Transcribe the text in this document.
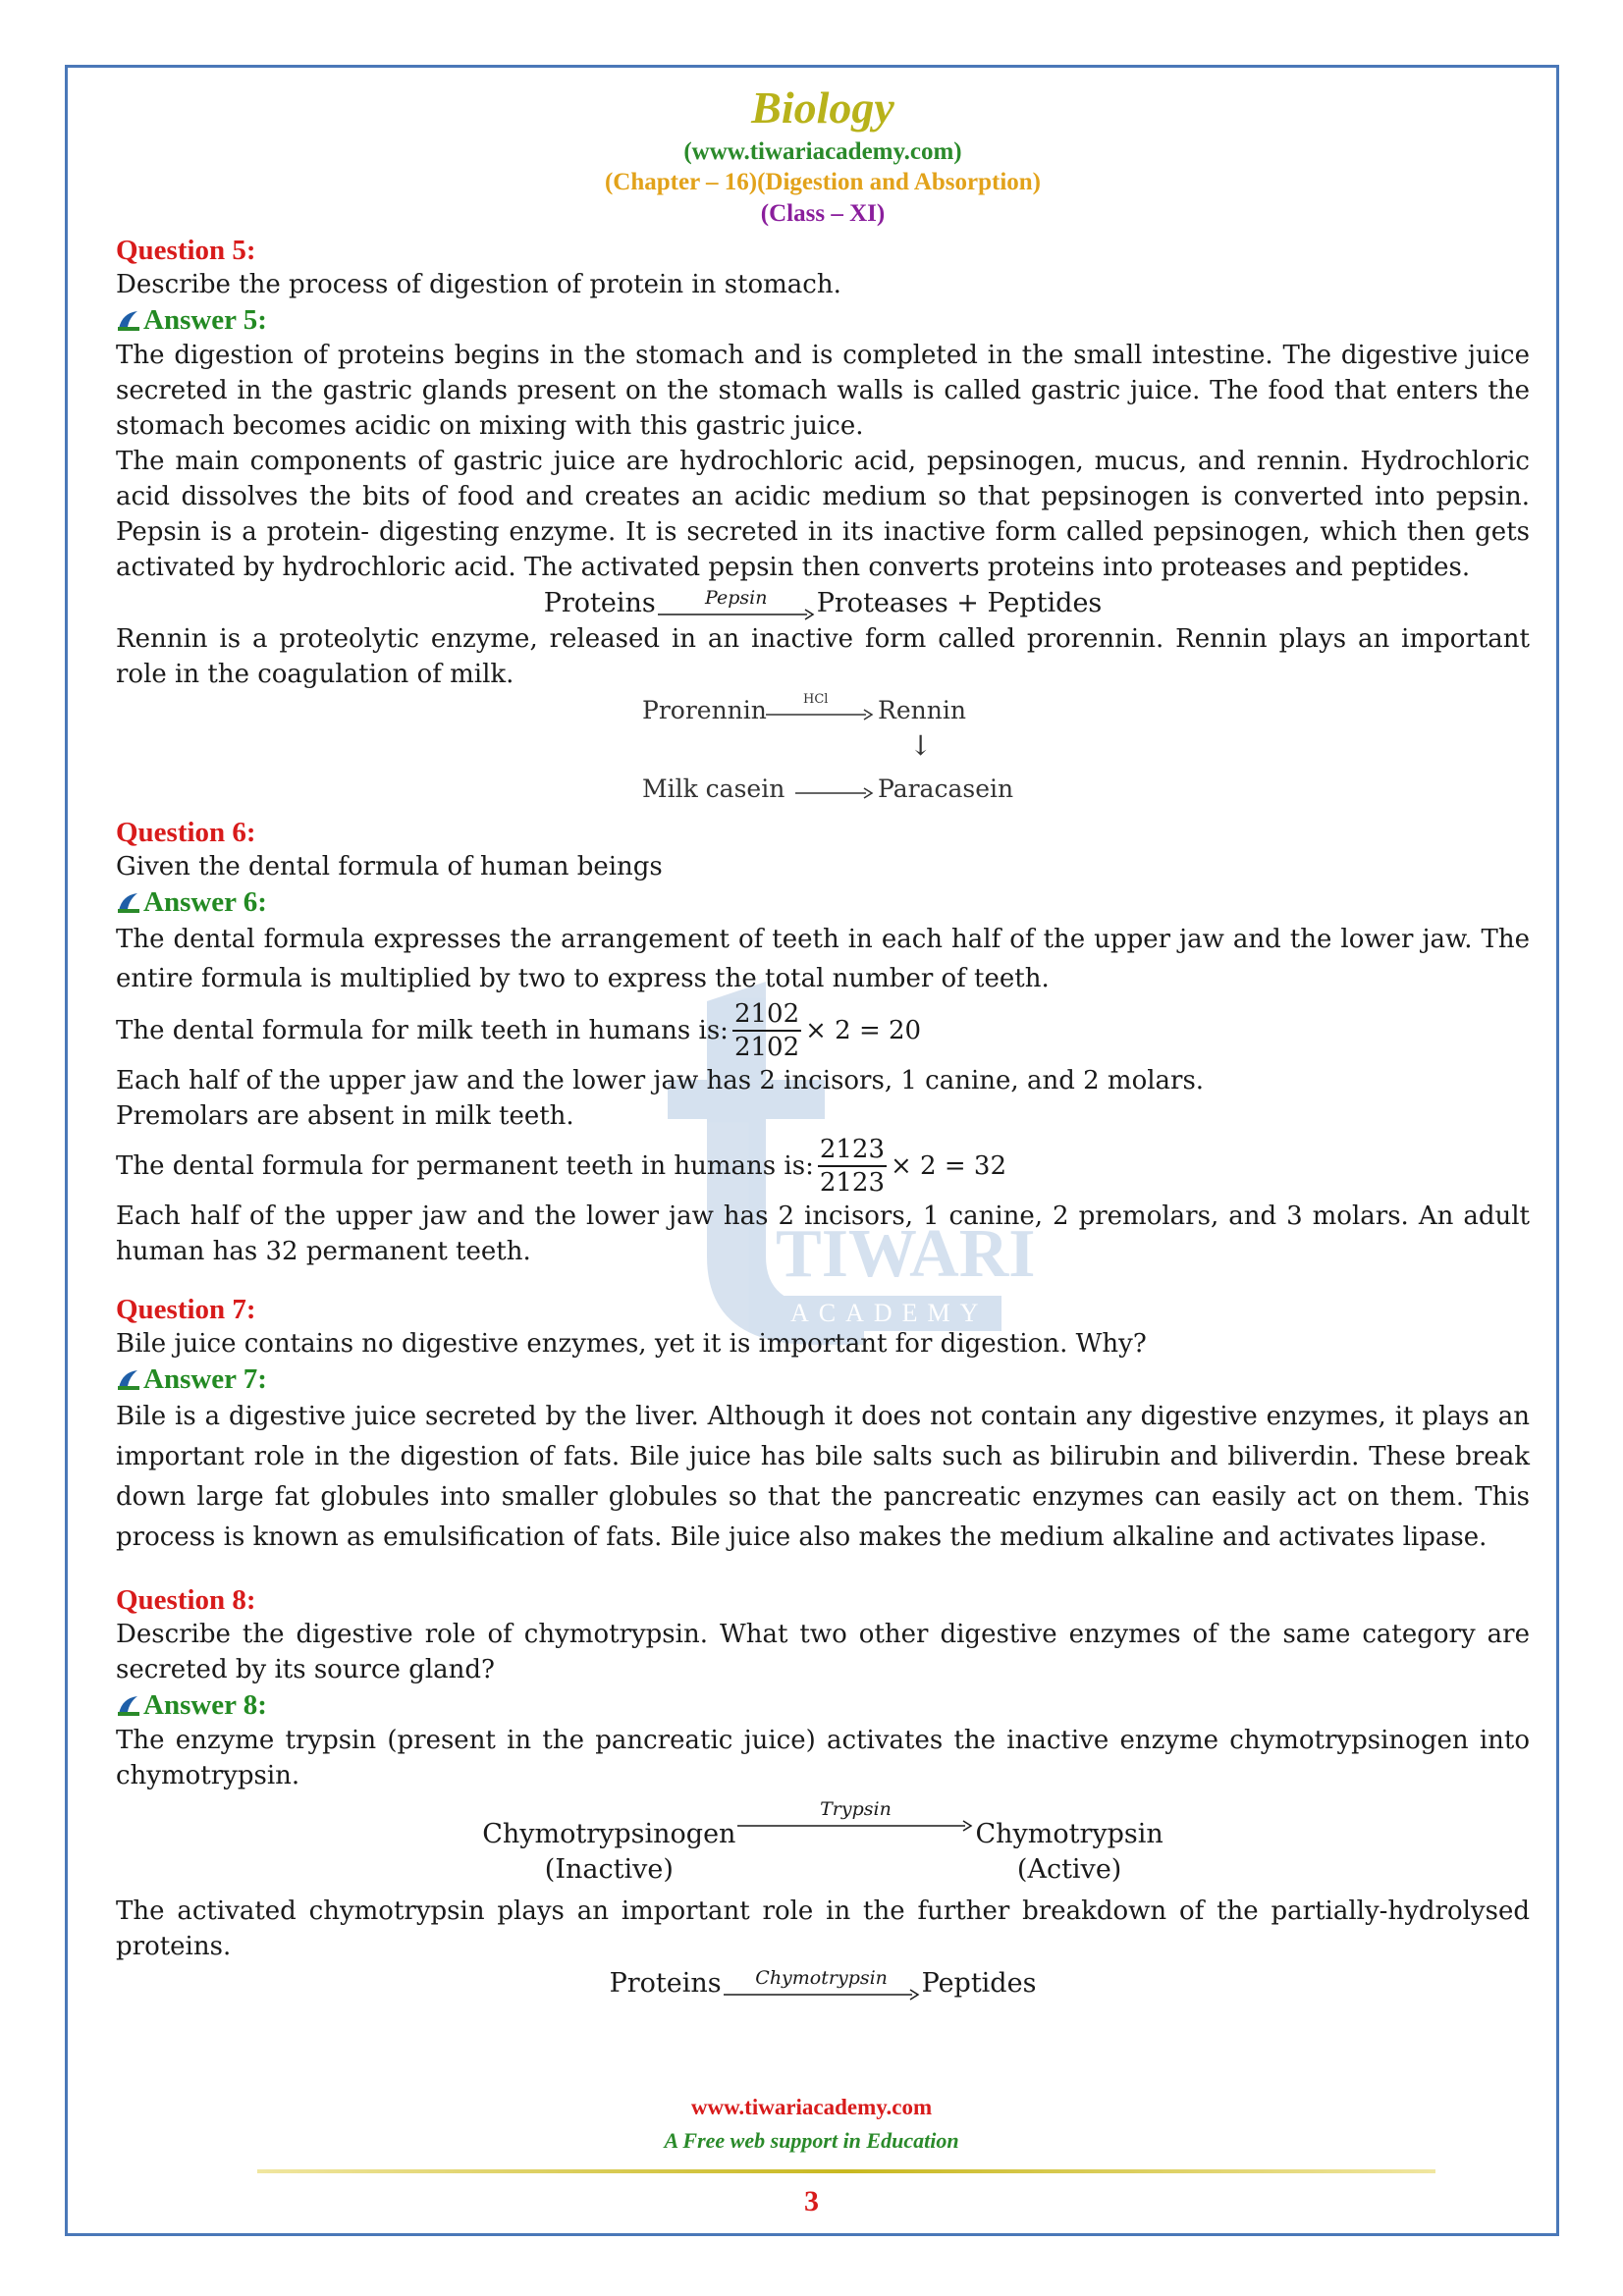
TIWARI
ACADEMY
Biology
(www.tiwariacademy.com)
(Chapter – 16)(Digestion and Absorption)
(Class – XI)
Question 5:

Describe the process of digestion of protein in stomach.

Answer 5:

The digestion of proteins begins in the stomach and is completed in the small intestine. The digestive juice secreted in the gastric glands present on the stomach walls is called gastric juice. The food that enters the stomach becomes acidic on mixing with this gastric juice.

The main components of gastric juice are hydrochloric acid, pepsinogen, mucus, and rennin. Hydrochloric acid dissolves the bits of food and creates an acidic medium so that pepsinogen is converted into pepsin. Pepsin is a protein- digesting enzyme. It is secreted in its inactive form called pepsinogen, which then gets activated by hydrochloric acid. The activated pepsin then converts proteins into proteases and peptides.

Proteins	Pepsin Proteases + Peptides

Rennin is a proteolytic enzyme, released in an inactive form called prorennin. Rennin plays an important role in the coagulation of milk.

Prorennin	HCl Rennin
↓
Milk casein → Paracasein
Question 6:

Given the dental formula of human beings

Answer 6:

The dental formula expresses the arrangement of teeth in each half of the upper jaw and the lower jaw. The entire formula is multiplied by two to express the total number of teeth.

The dental formula for milk teeth in humans is: $\frac{2102}{2102} \times 2 = 20$

Each half of the upper jaw and the lower jaw has 2 incisors, 1 canine, and 2 molars.

Premolars are absent in milk teeth.

The dental formula for permanent teeth in humans is: $\frac{2123}{2123} \times 2 = 32$

Each half of the upper jaw and the lower jaw has 2 incisors, 1 canine, 2 premolars, and 3 molars. An adult human has 32 permanent teeth.

Question 7:

Bile juice contains no digestive enzymes, yet it is important for digestion. Why?

Answer 7:

Bile is a digestive juice secreted by the liver. Although it does not contain any digestive enzymes, it plays an important role in the digestion of fats. Bile juice has bile salts such as bilirubin and biliverdin. These break down large fat globules into smaller globules so that the pancreatic enzymes can easily act on them. This process is known as emulsification of fats. Bile juice also makes the medium alkaline and activates lipase.

Question 8:

Describe the digestive role of chymotrypsin. What two other digestive enzymes of the same category are secreted by its source gland?

Answer 8:

The enzyme trypsin (present in the pancreatic juice) activates the inactive enzyme chymotrypsinogen into chymotrypsin.

Chymotrypsinogen
(Inactive)
Trypsin
Chymotrypsin
(Active)

The activated chymotrypsin plays an important role in the further breakdown of the partially-hydrolysed proteins.

Proteins Chymotrypsin Peptides
www.tiwariacademy.com
A Free web support in Education
3
